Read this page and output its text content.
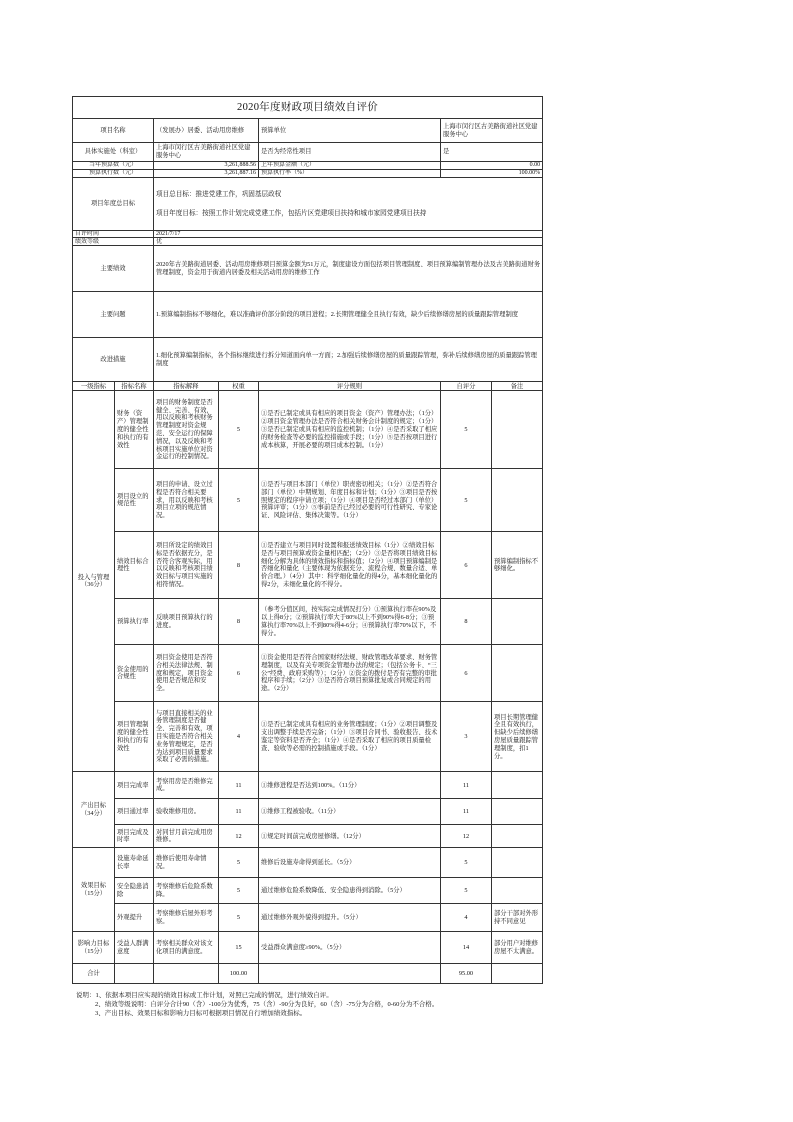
2020年度财政项目绩效自评价						
项目名称		（发展办）居委、活动用房维修		预算单位	上海市闵行区古美路街道社区党建服务中心	
具体实施处（科室）		上海市闵行区古美路街道社区党建服务中心		是否为经常性项目	是	
当年预算数（元）		3,261,888.56		上年预算金额（元）	0.00	
预算执行数（元）		3,261,887.16		预算执行率（%）	100.00%	
项目年度总目标		项目总目标：推进党建工作，巩固基层政权
项目年度目标：按照工作计划完成党建工作，包括片区党建项目扶持和城市家园党建项目扶持				

自评时间		2021/7/17				
绩效等级		优				
主要绩效		2020年古美路街道居委、活动用房维修项目预算金额为51万元，制度建设方面包括项目管理制度、项目预算编制管理办法及古美路街道财务管理制度，资金用于街道内居委及相关活动用房的维修工作				
主要问题		1.预算编制指标不够细化，难以准确评价部分阶段的项目进程；2.长期管理健全且执行有效，缺少后续修缮房屋的质量跟踪管理制度				
改进措施		1.细化预算编制指标，各个指标继续进行拆分知道面向单一方面；2.加强后续修缮房屋的质量跟踪管理，弥补后续修缮房屋的质量跟踪管理制度				
一级指标	指标名称	指标解释	权重	评分规则	自评分	备注

投入与管理
（36分）	财务（资产）管理制度的健全性和执行的有效性	项目的财务制度是否健全、完善、有效，用以反映和考核财务管理制度对资金规范、安全运行的保障情况，以及反映和考核项目实施单位对资金运行的控制情况。	5	①是否已制定或具有相应的项目资金（资产）管理办法；（1分）②项目资金管理办法是否符合相关财务会计制度的规定；（1分）③是否已制定或具有相应的监控机制；（1分）④是否采取了相应的财务检查等必要的监控措施或手段；（1分）⑤是否按项目进行成本核算，开展必要的项目成本控制。（1分）	5	
	项目设立的规范性	项目的申请、设立过程是否符合相关要求，用以反映和考核项目立项的规范情况。	5	①是否与项目本部门（单位）职责密切相关；（1分）②是否符合部门（单位）中期规划、年度目标和计划；（1分）③项目是否按照规定的程序申请立项；（1分）④项目是否经过本部门（单位）预算评审；（1分）⑤事前是否已经过必要的可行性研究、专家论证、风险评估、集体决策等。（1分）	5	
	绩效目标合理性	项目所设定的绩效目标是否依据充分，是否符合客观实际，用以反映和考核项目绩效目标与项目实施的相符情况。	8	①是否建立与项目同时设置和报送绩效目标（1分）②绩效目标是否与项目预算或资金量相匹配；（2分）③是否将项目绩效目标细化分解为具体的绩效指标和指标值；（2分）④项目预算编制是否细化和量化（主要体现为依据充分、流程合规、数量合适、单价合理。）（4分）其中：科学细化量化的得4分，基本细化量化的得2分，未细化量化的不得分。	6	预算编制指标不够细化。
	预算执行率	反映项目预算执行的进度。	8	（参考分值区间，按实际完成情况打分）①预算执行率在90%及以上得8分；②预算执行率大于80%以上不到90%得6-8分；③预算执行率70%以上不到80%得4-6分；④预算执行率70%以下，不得分。	8	
	资金使用的合规性	项目资金使用是否符合相关法律法规、制度和规定，项目资金使用是否规范和安全。	6	①资金使用是否符合国家财经法规、财政管理改革要求、财务管理制度，以及有关专项资金管理办法的规定；（包括公务卡、“三公”经费、政府采购等）；（2分）②资金的拨付是否有完整的审批程序和手续；（2分）③是否符合项目预算批复或合同规定的用途。（2分）	6	
	项目管理制度的健全性和执行的有效性	与项目直接相关的业务管理制度是否健全、完善和有效，项目实施是否符合相关业务管理规定，是否为达到项目质量要求采取了必需的措施。	4	①是否已制定或具有相应的业务管理制度；（1分）②项目调整及支出调整手续是否完备；（1分）③项目合同书、验收报告、技术鉴定等资料是否齐全；（1分）④是否采取了相应的项目质量检查、验收等必需的控制措施或手段。（1分）	3	项目长期管理健全且有效执行，但缺少后续修缮房屋质量跟踪管理制度，扣1分。

产出目标
（34分）	项目完成率	考察用房是否维修完成。	11	①维修进程是否达到100%。（11分）	11	
	项目通过率	验收维修用房。	11	①维修工程被验收。（11分）	11	
	项目完成及时率	对同甘月前完成用房维修。	12	①规定时间前完成房屋修缮。（12分）	12	

效果目标
（15分）	设施寿命延长率	维修后使用寿命情况。	5	维修后设施寿命得到延长。（5分）	5	
	安全隐患消除	考察维修后危险系数降。	5	通过维修危险系数降低、安全隐患得到消除。（5分）	5	
	外观提升	考察维修后屋外形考察。	5	通过维修外观外貌得到提升。（5分）	4	部分干部对外形持不同意见

影响力目标
（15分）	受益人群满意度	考察相关群众对该文化项目的满意度。	15	受益群众满意度≥90%。（5分）	14	部分用户对维修房屋不太满意。
合计			100.00		95.00	
说明：1、依据本项目应实现的绩效目标或工作计划，对照已完成的情况，进行绩效自评。
2、绩效等级说明：自评分合计90（含）-100分为优秀，75（含）-90分为良好，60（含）-75分为合格，0-60分为不合格。
3、产出目标、效果目标和影响力目标可根据项目情况自行增加绩效指标。
